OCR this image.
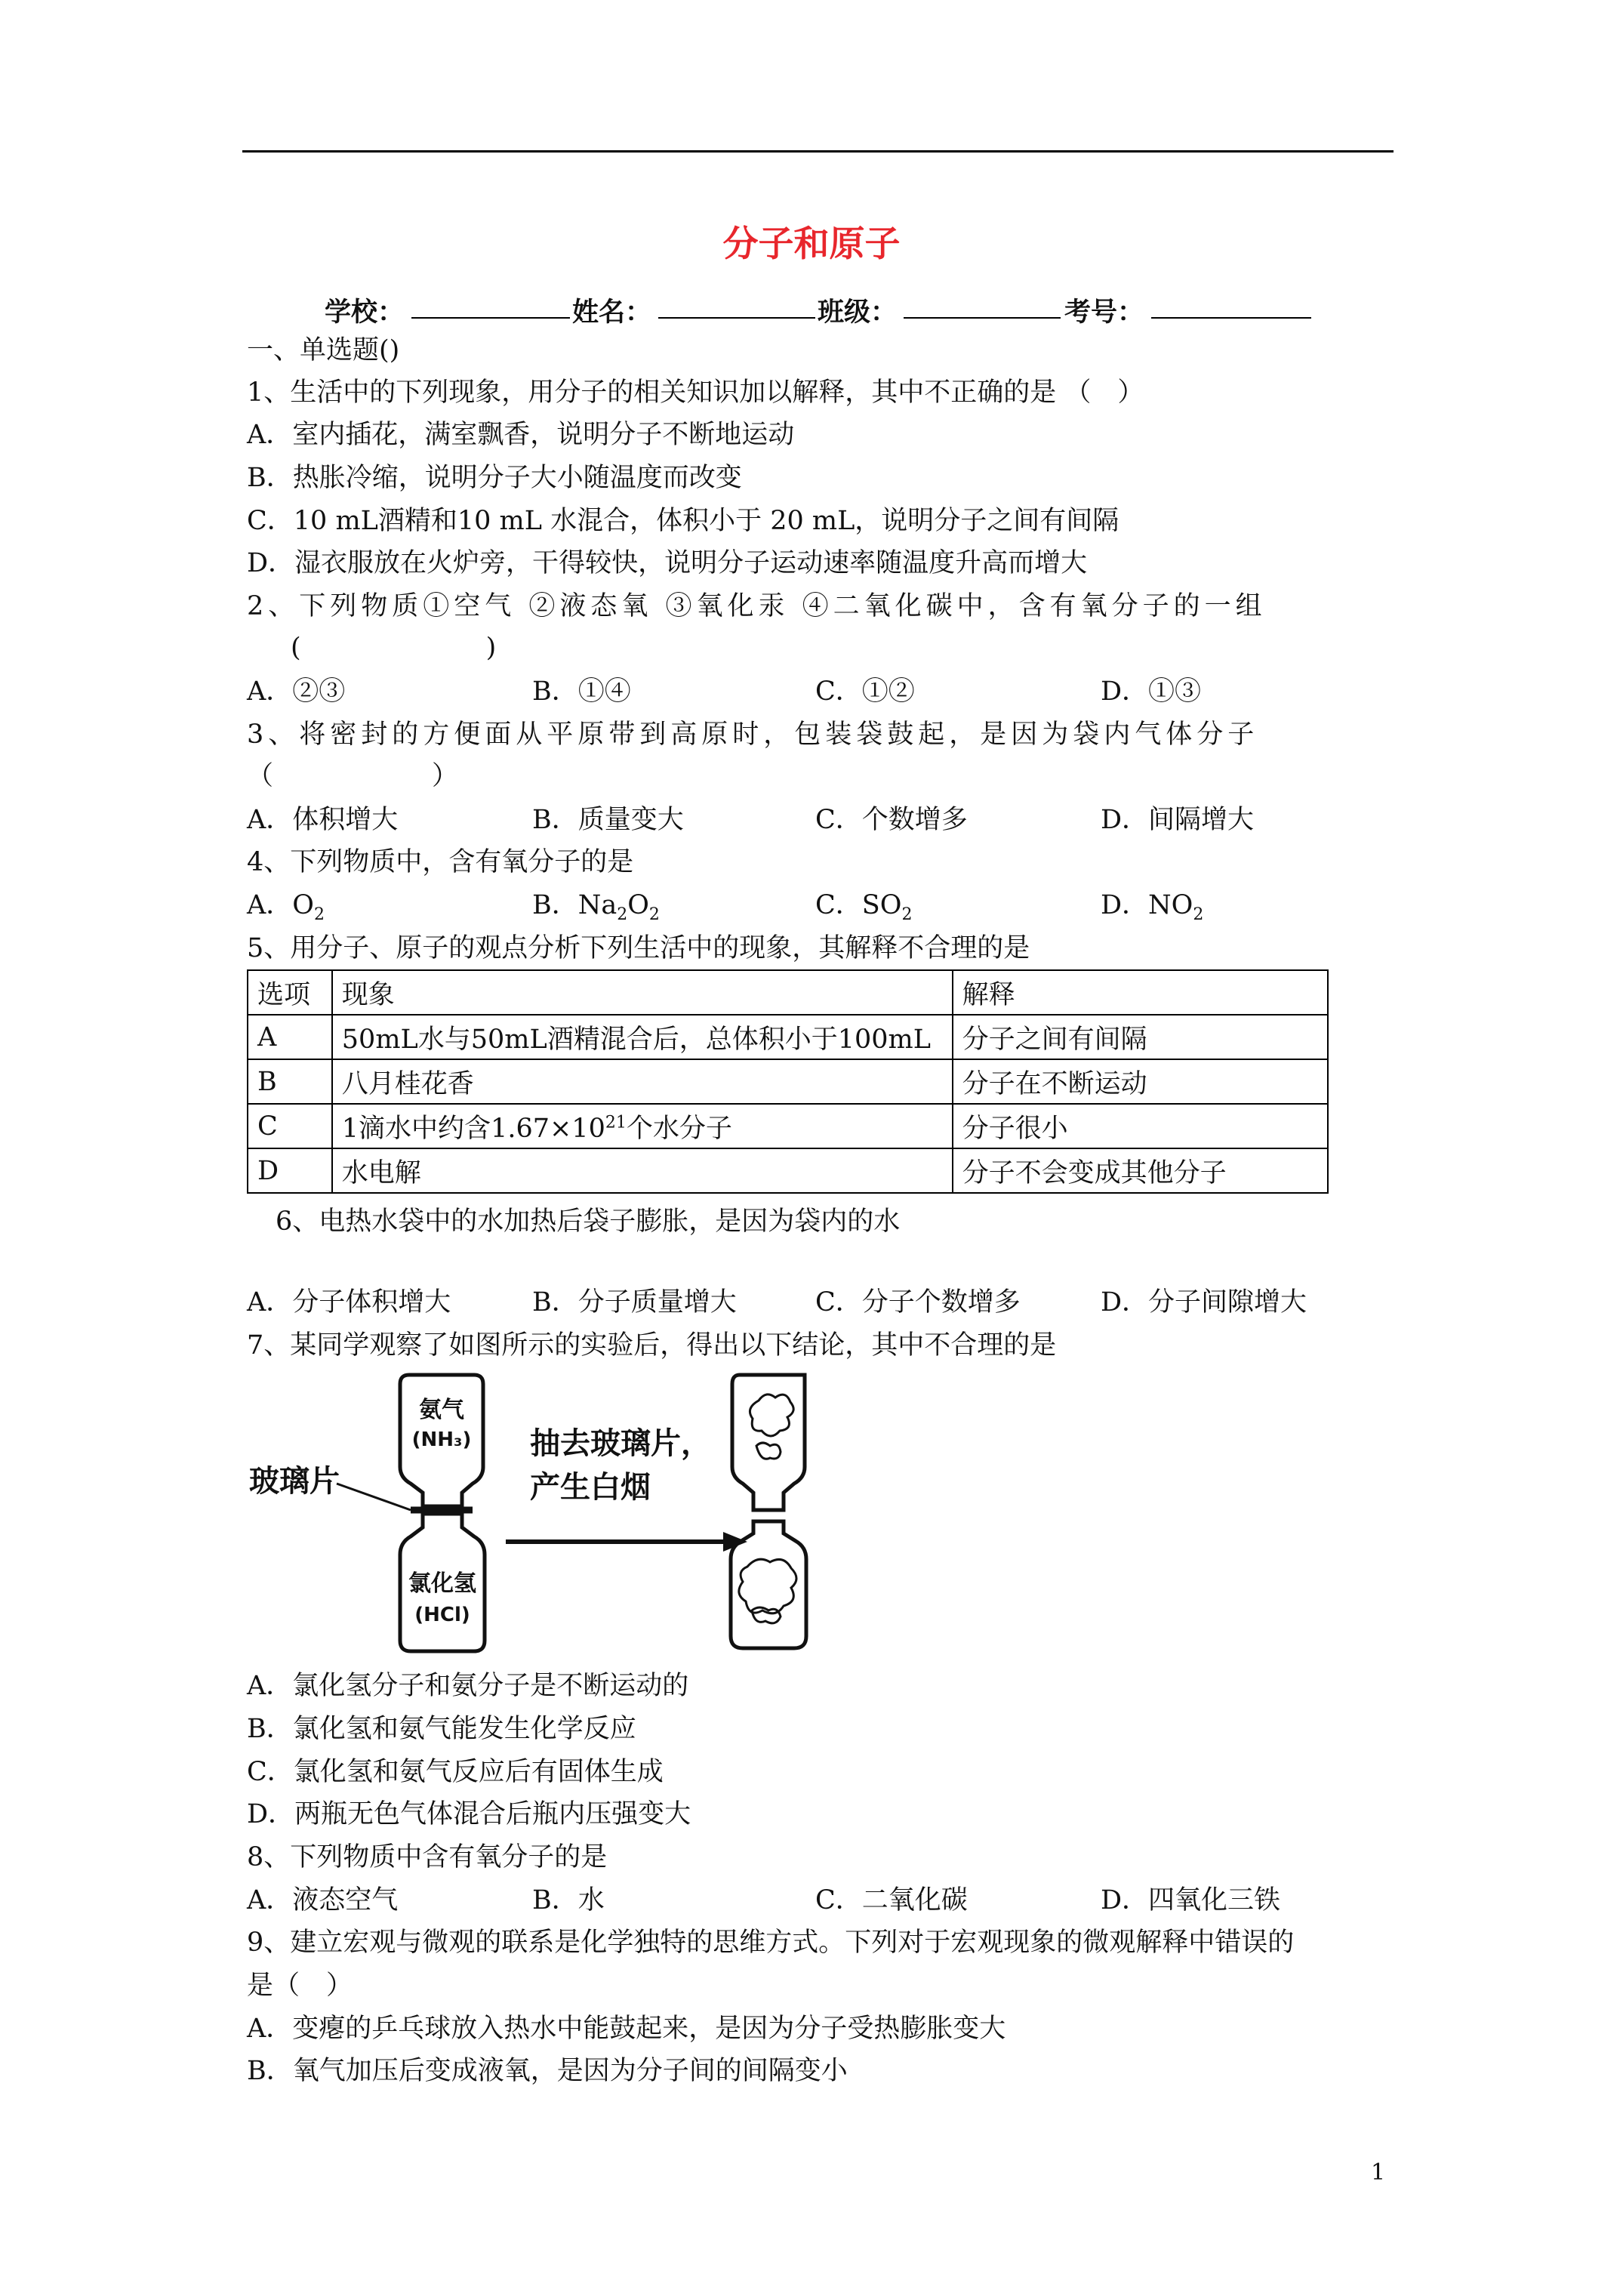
分子和原子
学校：	姓名：	班级：	考号：
一、单选题()
1、生活中的下列现象，用分子的相关知识加以解释，其中不正确的是 （　）
A．室内插花，满室飘香，说明分子不断地运动
B．热胀冷缩，说明分子大小随温度而改变
C．10 mL酒精和10 mL 水混合，体积小于 20 mL，说明分子之间有间隔
D．湿衣服放在火炉旁，干得较快，说明分子运动速率随温度升高而增大
2、下列物质①空气 ②液态氧 ③氧化汞 ④二氧化碳中，含有氧分子的一组
(　　　　　　　)
A．②③	B．①④	C．①②	D．①③
3、将密封的方便面从平原带到高原时，包装袋鼓起，是因为袋内气体分子
（　　　　　　）
A．体积增大	B．质量变大	C．个数增多	D．间隔增大
4、下列物质中，含有氧分子的是
A．$O_2$	B．$Na_2O_2$	C．$SO_2$	D．$NO_2$
5、用分子、原子的观点分析下列生活中的现象，其解释不合理的是
选项	现象	解释
A	50mL水与50mL酒精混合后，总体积小于100mL	分子之间有间隔
B	八月桂花香	分子在不断运动
C	1滴水中约含$1.67\times 10^{21}$个水分子	分子很小
D	水电解	分子不会变成其他分子
6、电热水袋中的水加热后袋子膨胀，是因为袋内的水
A．分子体积增大	B．分子质量增大	C．分子个数增多	D．分子间隙增大
7、某同学观察了如图所示的实验后，得出以下结论，其中不合理的是
氨气
(NH₃)
氯化氢
(HCl)
玻璃片
抽去玻璃片，
产生白烟
A．氯化氢分子和氨分子是不断运动的
B．氯化氢和氨气能发生化学反应
C．氯化氢和氨气反应后有固体生成
D．两瓶无色气体混合后瓶内压强变大
8、下列物质中含有氧分子的是
A．液态空气	B．水	C．二氧化碳	D．四氧化三铁
9、建立宏观与微观的联系是化学独特的思维方式。下列对于宏观现象的微观解释中错误的
是（　）
A．变瘪的乒乓球放入热水中能鼓起来，是因为分子受热膨胀变大
B．氧气加压后变成液氧，是因为分子间的间隔变小
1
